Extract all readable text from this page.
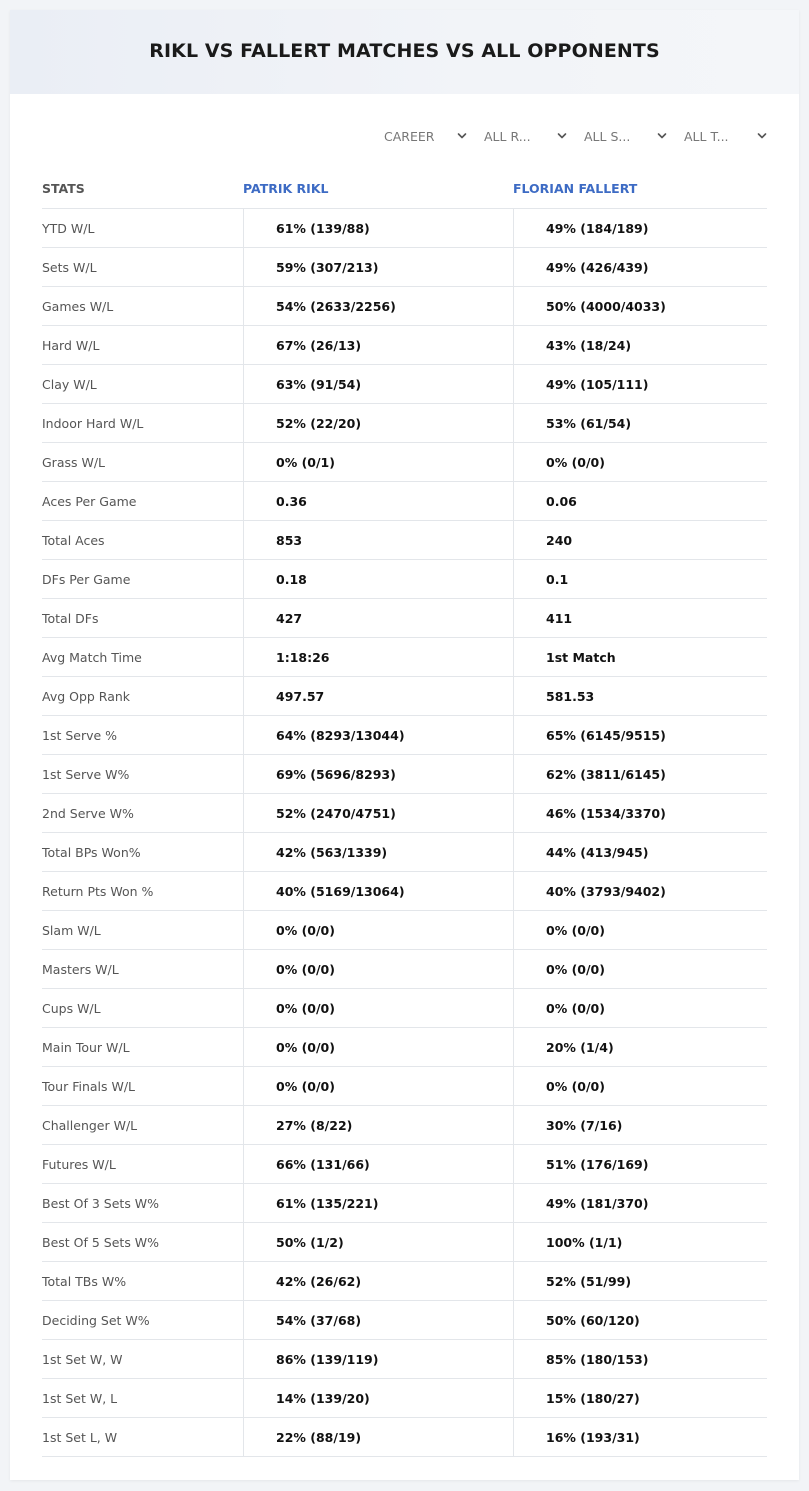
RIKL VS FALLERT MATCHES VS ALL OPPONENTS
CAREER	ALL R...	ALL S...	ALL T...
STATS	PATRIK RIKL	FLORIAN FALLERT
YTD W/L	61% (139/88)	49% (184/189)
Sets W/L	59% (307/213)	49% (426/439)
Games W/L	54% (2633/2256)	50% (4000/4033)
Hard W/L	67% (26/13)	43% (18/24)
Clay W/L	63% (91/54)	49% (105/111)
Indoor Hard W/L	52% (22/20)	53% (61/54)
Grass W/L	0% (0/1)	0% (0/0)
Aces Per Game	0.36	0.06
Total Aces	853	240
DFs Per Game	0.18	0.1
Total DFs	427	411
Avg Match Time	1:18:26	1st Match
Avg Opp Rank	497.57	581.53
1st Serve %	64% (8293/13044)	65% (6145/9515)
1st Serve W%	69% (5696/8293)	62% (3811/6145)
2nd Serve W%	52% (2470/4751)	46% (1534/3370)
Total BPs Won%	42% (563/1339)	44% (413/945)
Return Pts Won %	40% (5169/13064)	40% (3793/9402)
Slam W/L	0% (0/0)	0% (0/0)
Masters W/L	0% (0/0)	0% (0/0)
Cups W/L	0% (0/0)	0% (0/0)
Main Tour W/L	0% (0/0)	20% (1/4)
Tour Finals W/L	0% (0/0)	0% (0/0)
Challenger W/L	27% (8/22)	30% (7/16)
Futures W/L	66% (131/66)	51% (176/169)
Best Of 3 Sets W%	61% (135/221)	49% (181/370)
Best Of 5 Sets W%	50% (1/2)	100% (1/1)
Total TBs W%	42% (26/62)	52% (51/99)
Deciding Set W%	54% (37/68)	50% (60/120)
1st Set W, W	86% (139/119)	85% (180/153)
1st Set W, L	14% (139/20)	15% (180/27)
1st Set L, W	22% (88/19)	16% (193/31)
